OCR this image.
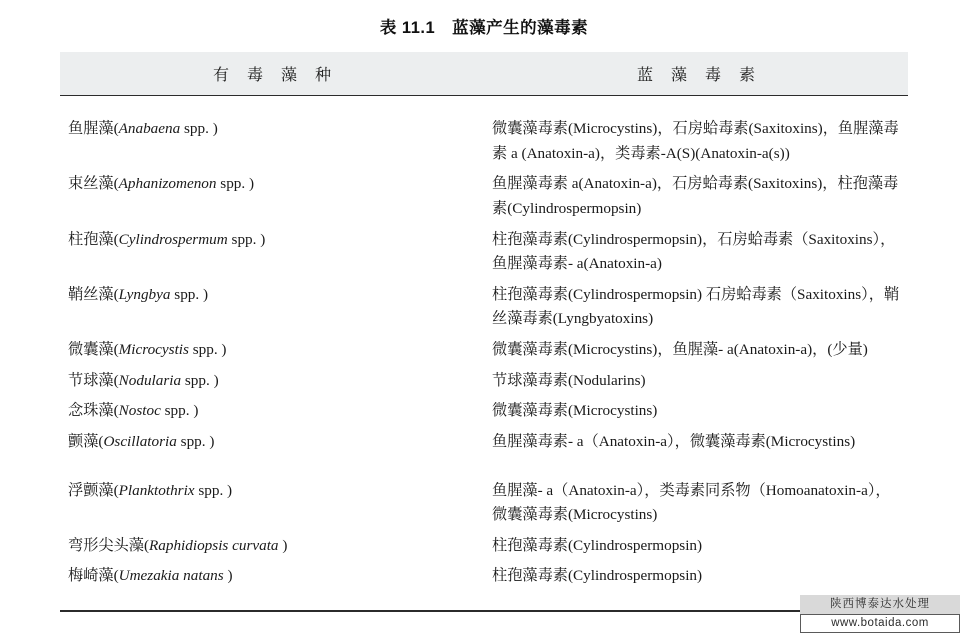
表 11.1　蓝藻产生的藻毒素
有 毒 藻 种	蓝 藻 毒 素

鱼腥藻(Anabaena spp. )	微囊藻毒素(Microcystins)，石房蛤毒素(Saxitoxins)，鱼腥藻毒素 a (Anatoxin-a)，类毒素-A(S)(Anatoxin-a(s))
束丝藻(Aphanizomenon spp. )	鱼腥藻毒素 a(Anatoxin-a)，石房蛤毒素(Saxitoxins)，柱孢藻毒素(Cylindrospermopsin)
柱孢藻(Cylindrospermum spp. )	柱孢藻毒素(Cylindrospermopsin)，石房蛤毒素（Saxitoxins），鱼腥藻毒素- a(Anatoxin-a)
鞘丝藻(Lyngbya spp. )	柱孢藻毒素(Cylindrospermopsin) 石房蛤毒素（Saxitoxins），鞘丝藻毒素(Lyngbyatoxins)
微囊藻(Microcystis spp. )	微囊藻毒素(Microcystins)，鱼腥藻- a(Anatoxin-a)，(少量)
节球藻(Nodularia spp. )	节球藻毒素(Nodularins)
念珠藻(Nostoc spp. )	微囊藻毒素(Microcystins)
颤藻(Oscillatoria spp. )	鱼腥藻毒素- a（Anatoxin-a），微囊藻毒素(Microcystins)

浮颤藻(Planktothrix spp. )	鱼腥藻- a（Anatoxin-a），类毒素同系物（Homoanatoxin-a），微囊藻毒素(Microcystins)
弯形尖头藻(Raphidiopsis curvata )	柱孢藻毒素(Cylindrospermopsin)
梅崎藻(Umezakia natans )	柱孢藻毒素(Cylindrospermopsin)

陕西博泰达水处理
www.botaida.com
